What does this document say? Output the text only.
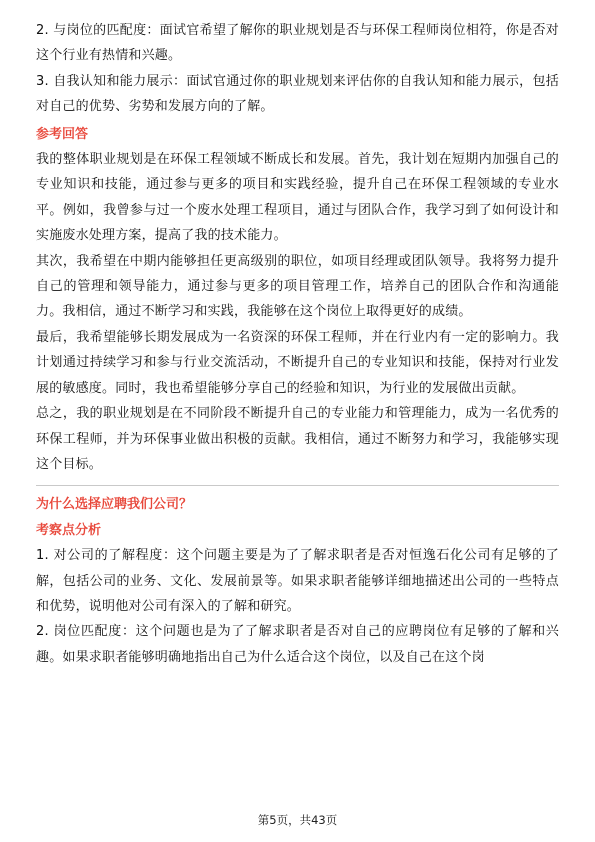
2. 与岗位的匹配度：面试官希望了解你的职业规划是否与环保工程师岗位相符，你是否对这个行业有热情和兴趣。

3. 自我认知和能力展示：面试官通过你的职业规划来评估你的自我认知和能力展示，包括对自己的优势、劣势和发展方向的了解。

参考回答

我的整体职业规划是在环保工程领域不断成长和发展。首先，我计划在短期内加强自己的专业知识和技能，通过参与更多的项目和实践经验，提升自己在环保工程领域的专业水平。例如，我曾参与过一个废水处理工程项目，通过与团队合作，我学习到了如何设计和实施废水处理方案，提高了我的技术能力。

其次，我希望在中期内能够担任更高级别的职位，如项目经理或团队领导。我将努力提升自己的管理和领导能力，通过参与更多的项目管理工作，培养自己的团队合作和沟通能力。我相信，通过不断学习和实践，我能够在这个岗位上取得更好的成绩。

最后，我希望能够长期发展成为一名资深的环保工程师，并在行业内有一定的影响力。我计划通过持续学习和参与行业交流活动，不断提升自己的专业知识和技能，保持对行业发展的敏感度。同时，我也希望能够分享自己的经验和知识，为行业的发展做出贡献。

总之，我的职业规划是在不同阶段不断提升自己的专业能力和管理能力，成为一名优秀的环保工程师，并为环保事业做出积极的贡献。我相信，通过不断努力和学习，我能够实现这个目标。

为什么选择应聘我们公司？

考察点分析

1. 对公司的了解程度：这个问题主要是为了了解求职者是否对恒逸石化公司有足够的了解，包括公司的业务、文化、发展前景等。如果求职者能够详细地描述出公司的一些特点和优势，说明他对公司有深入的了解和研究。

2. 岗位匹配度：这个问题也是为了了解求职者是否对自己的应聘岗位有足够的了解和兴趣。如果求职者能够明确地指出自己为什么适合这个岗位，以及自己在这个岗

第5页，共43页
